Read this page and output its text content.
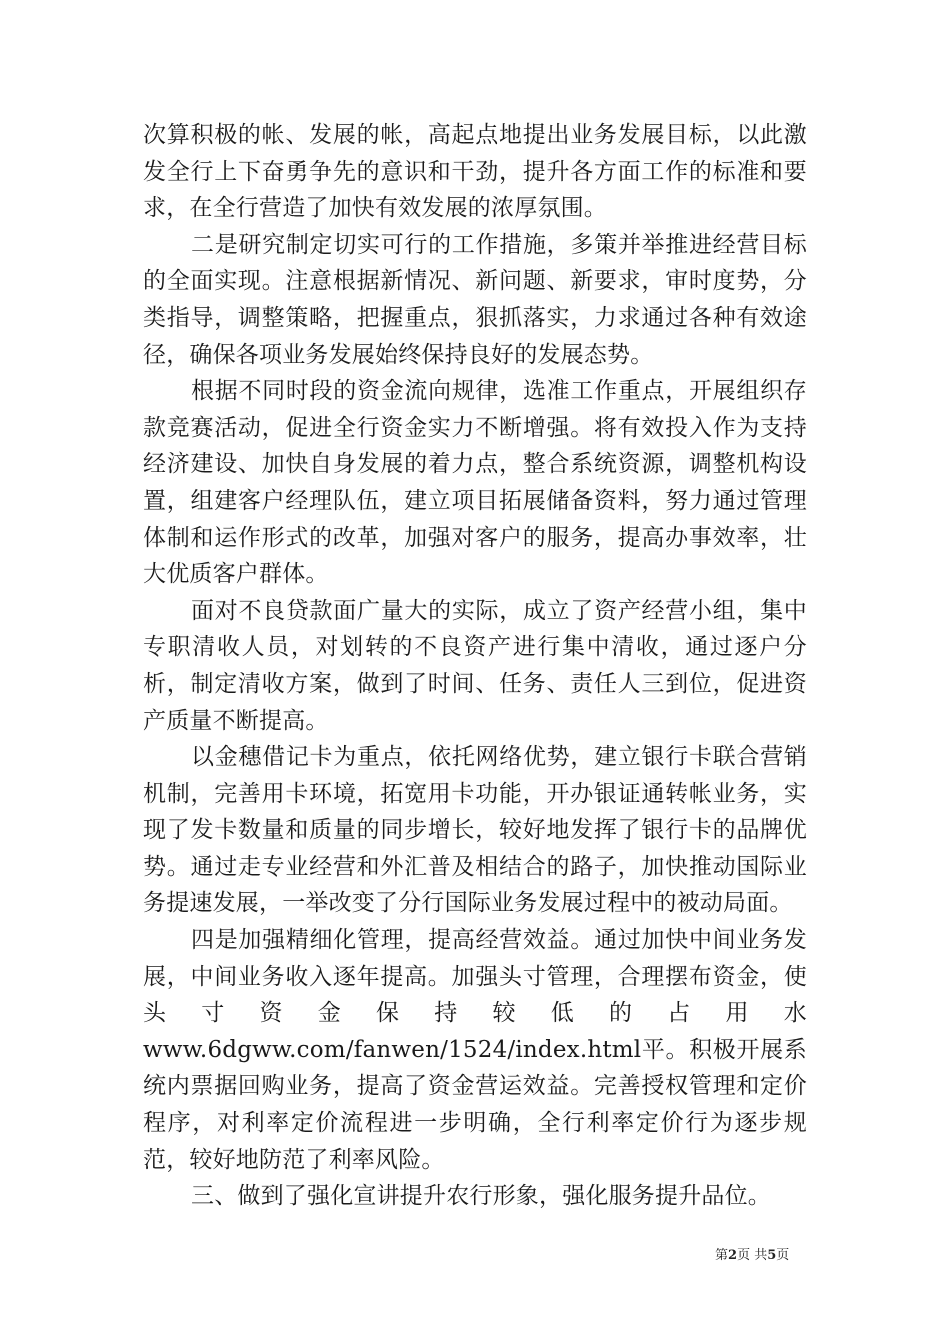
次算积极的帐、发展的帐，高起点地提出业务发展目标，以此激发全行上下奋勇争先的意识和干劲，提升各方面工作的标准和要求，在全行营造了加快有效发展的浓厚氛围。

二是研究制定切实可行的工作措施，多策并举推进经营目标的全面实现。注意根据新情况、新问题、新要求，审时度势，分类指导，调整策略，把握重点，狠抓落实，力求通过各种有效途径，确保各项业务发展始终保持良好的发展态势。

根据不同时段的资金流向规律，选准工作重点，开展组织存款竞赛活动，促进全行资金实力不断增强。将有效投入作为支持经济建设、加快自身发展的着力点，整合系统资源，调整机构设置，组建客户经理队伍，建立项目拓展储备资料，努力通过管理体制和运作形式的改革，加强对客户的服务，提高办事效率，壮大优质客户群体。

面对不良贷款面广量大的实际，成立了资产经营小组，集中专职清收人员，对划转的不良资产进行集中清收，通过逐户分析，制定清收方案，做到了时间、任务、责任人三到位，促进资产质量不断提高。

以金穗借记卡为重点，依托网络优势，建立银行卡联合营销机制，完善用卡环境，拓宽用卡功能，开办银证通转帐业务，实现了发卡数量和质量的同步增长，较好地发挥了银行卡的品牌优势。通过走专业经营和外汇普及相结合的路子，加快推动国际业务提速发展，一举改变了分行国际业务发展过程中的被动局面。

四是加强精细化管理，提高经营效益。通过加快中间业务发展，中间业务收入逐年提高。加强头寸管理，合理摆布资金，使头寸资金保持较低的占用水www.6dgww.com/fanwen/1524/index.html平。积极开展系统内票据回购业务，提高了资金营运效益。完善授权管理和定价程序，对利率定价流程进一步明确，全行利率定价行为逐步规范，较好地防范了利率风险。

三、做到了强化宣讲提升农行形象，强化服务提升品位。

第2页 共5页
